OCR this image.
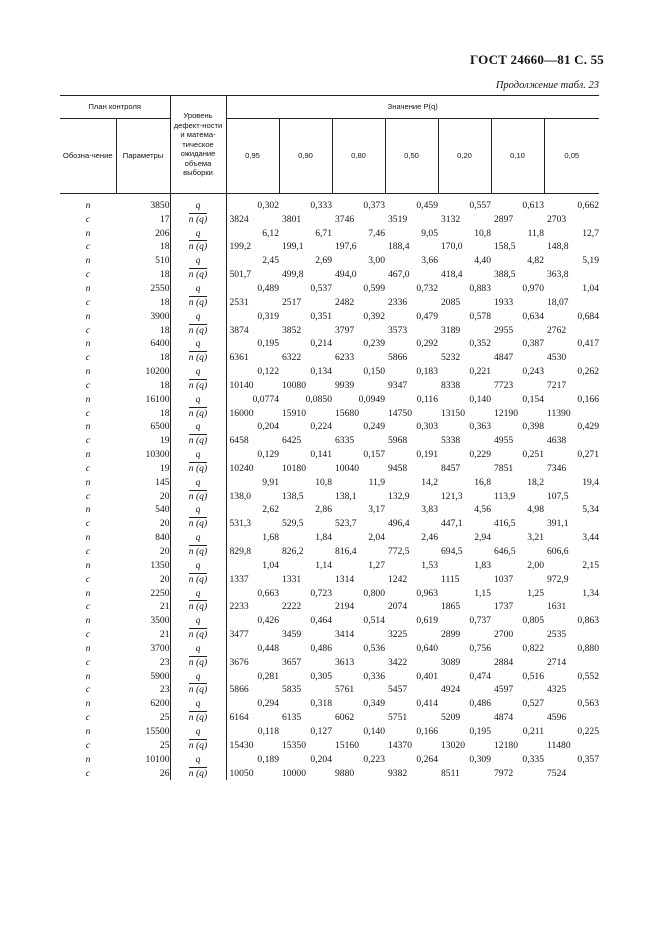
ГОСТ 24660—81 С. 55
Продолжение табл. 23
План контроля		Уровень дефект-ности и матема-тическое ожидание объема выборки	Значение P(q)						
Обозна-чение	Параметры		0,95	0,90	0,80	0,50	0,20	0,10	0,05
n	3850	q	0,302	0,333	0,373	0,459	0,557	0,613	0,662
c	17	n (q)	3824	3801	3746	3519	3132	2897	2703
n	206	q	6,12	6,71	7,46	9,05	10,8	11,8	12,7
c	18	n (q)	199,2	199,1	197,6	188,4	170,0	158,5	148,8
n	510	q	2,45	2,69	3,00	3,66	4,40	4,82	5,19
c	18	n (q)	501,7	499,8	494,0	467,0	418,4	388,5	363,8
n	2550	q	0,489	0,537	0,599	0,732	0,883	0,970	1,04
c	18	n (q)	2531	2517	2482	2336	2085	1933	18,07
n	3900	q	0,319	0,351	0,392	0,479	0,578	0,634	0,684
c	18	n (q)	3874	3852	3797	3573	3189	2955	2762
n	6400	q	0,195	0,214	0,239	0,292	0,352	0,387	0,417
c	18	n (q)	6361	6322	6233	5866	5232	4847	4530
n	10200	q	0,122	0,134	0,150	0,183	0,221	0,243	0,262
c	18	n (q)	10140	10080	9939	9347	8338	7723	7217
n	16100	q	0,0774	0,0850	0,0949	0,116	0,140	0,154	0,166
c	18	n (q)	16000	15910	15680	14750	13150	12190	11390
n	6500	q	0,204	0,224	0,249	0,303	0,363	0,398	0,429
c	19	n (q)	6458	6425	6335	5968	5338	4955	4638
n	10300	q	0,129	0,141	0,157	0,191	0,229	0,251	0,271
c	19	n (q)	10240	10180	10040	9458	8457	7851	7346
n	145	q	9,91	10,8	11,9	14,2	16,8	18,2	19,4
c	20	n (q)	138,0	138,5	138,1	132,9	121,3	113,9	107,5
n	540	q	2,62	2,86	3,17	3,83	4,56	4,98	5,34
c	20	n (q)	531,3	529,5	523,7	496,4	447,1	416,5	391,1
n	840	q	1,68	1,84	2,04	2,46	2,94	3,21	3,44
c	20	n (q)	829,8	826,2	816,4	772,5	694,5	646,5	606,6
n	1350	q	1,04	1,14	1,27	1,53	1,83	2,00	2,15
c	20	n (q)	1337	1331	1314	1242	1115	1037	972,9
n	2250	q	0,663	0,723	0,800	0,963	1,15	1,25	1,34
c	21	n (q)	2233	2222	2194	2074	1865	1737	1631
n	3500	q	0,426	0,464	0,514	0,619	0,737	0,805	0,863
c	21	n (q)	3477	3459	3414	3225	2899	2700	2535
n	3700	q	0,448	0,486	0,536	0,640	0,756	0,822	0,880
c	23	n (q)	3676	3657	3613	3422	3089	2884	2714
n	5900	q	0,281	0,305	0,336	0,401	0,474	0,516	0,552
c	23	n (q)	5866	5835	5761	5457	4924	4597	4325
n	6200	q	0,294	0,318	0,349	0,414	0,486	0,527	0,563
c	25	n (q)	6164	6135	6062	5751	5209	4874	4596
n	15500	q	0,118	0,127	0,140	0,166	0,195	0,211	0,225
c	25	n (q)	15430	15350	15160	14370	13020	12180	11480
n	10100	q	0,189	0,204	0,223	0,264	0,309	0,335	0,357
c	26	n (q)	10050	10000	9880	9382	8511	7972	7524
